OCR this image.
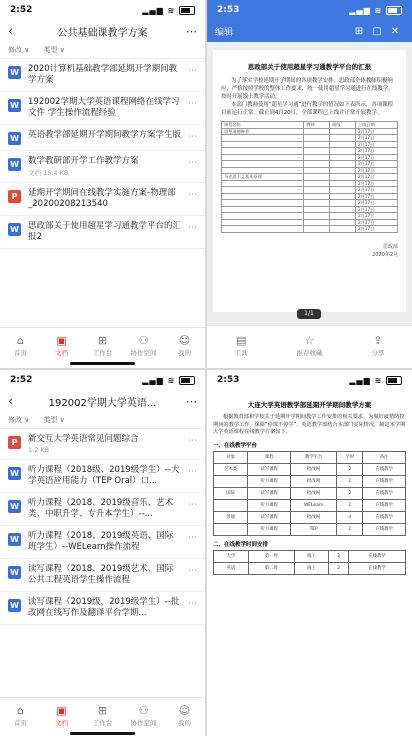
2:52	▂▄▆ ≋
‹	公共基础课教学方案	⋯
修改 ∨ 类型 ∨
W 2020计算机基础教学部延期开学期间教学方案
⋯
W 192002学期大学英语课程网络在线学习文件 学生操作流程经验
⋯
W 英语教学部延期开学期间教学方案学生版 ⋯
W 数学教研部开学工作教学方案
文档 15.4 KB
⋯
P	延期开学期间在线教学实施方案-物理部_20200208213540
⋯
W 思政部关于使用超星学习通教学平台的汇报2
⋯
⌂
首页
▣
文档
⊞
工作台
⚇
协作空间
☺
我的
2:53	▂▄▆ ≋
编辑	⊞ ▢ ✕
思政部关于使用超星学习通教学平台的汇报
为了落实学校延期开学期间的各项教学安排，思政部全体教师积极响应，严格按照学校的整体工作要求，统一使用超星学习通进行在线教学，按时开展线上教学活动。
本部门教师使用“超星学习通”进行教学的情况如下表所示，各项课程目前运行正常。截止到4月20日，全部课程已上线并正常开展教学。
课程名称	教师	班级	上线日期
思想道德修养			2月17日
			2月17日
			2月17日
			2月17日
			2月17日
			2月17日
			2月17日
马克思主义基本原理			2月17日
			2月17日
			2月17日
			2月17日
			2月17日
			2月17日
			2月17日
			2月17日
			2月17日
思政部
2020年2月
1/1
▤
工具
☆
推荐收藏
⇪
分享
2:52	▂▄▆ ≋
‹	192002学期大学英语...	⋯
修改 ∨ 类型 ∨
P	新交互大学英语常见问题综合
1.2 KB
⋯
W 听力课程（2018级、2019级学生）--大学英语应用能力（TEP Oral）口...
⋯
W 听力课程（2018、2019级音乐、艺术类、中职升学、专升本学生）--...
⋯
W 听力课程（2018、2019级英语、国际班学生）--WELearn操作流程
⋯
W 读写课程（2018、2019级艺术、国际公共工程英语学生操作流程
⋯
W 读写课程（2019级，2019级学生）--批改网在线写作及翻译平台学期...
⋯
⌂
首页
▣
文档
⊞
工作台
⚇
协作空间
☺
我的
2:53	▂▄▆ ≋
大连大学英语教学部延期开学期间教学方案
根据教育部和学校关于延期开学期间教学工作安排的相关要求，为做好疫情防控期间的教学工作，保障“停课不停学”，英语教学部结合本部门实际情况，制定本学期大学英语课程在线教学方案如下。
一、在线教学平台
对象	课程	教学平台	学时	备注
艺术类	读写课程	批改网	2	在线教学
	听力课程	批改网	2	在线教学
国际	读写课程	批改网	2	在线教学
	听力课程	WELearn	2	在线教学
普通	读写课程	批改网	4	在线教学
	听力课程	TEP	2	在线教学
二、在线教学时间安排
大学	第一周	线上	2	在线教学
英语	第二周	线上	2	在线教学
